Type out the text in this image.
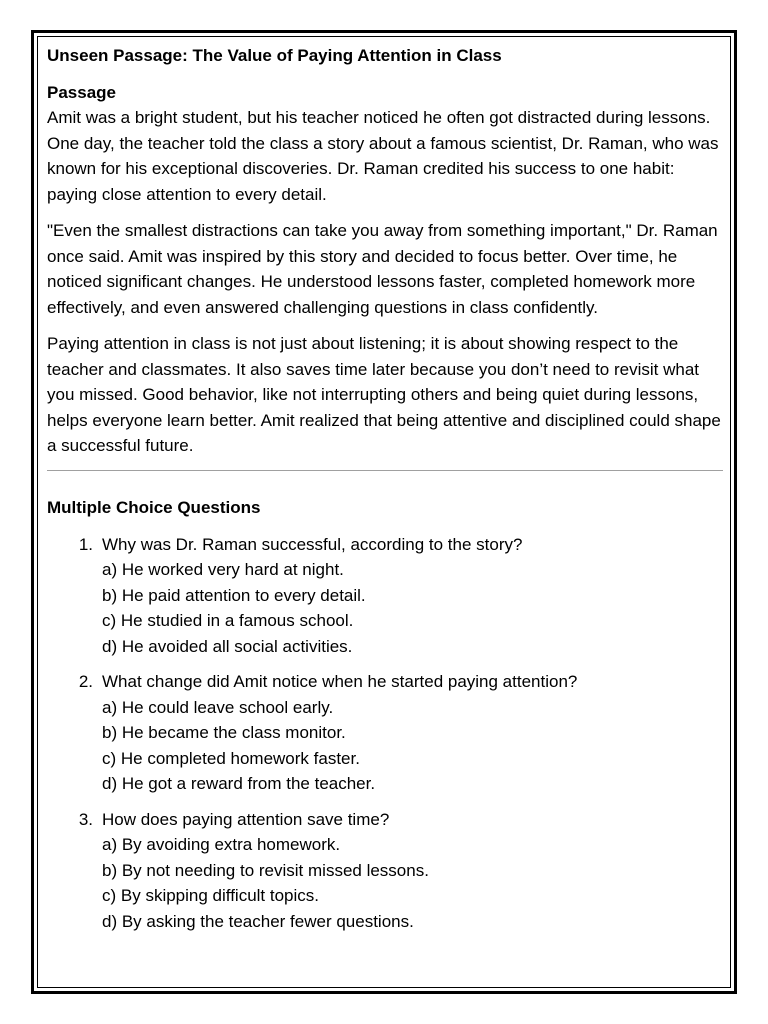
Unseen Passage: The Value of Paying Attention in Class
Passage

Amit was a bright student, but his teacher noticed he often got distracted during lessons. One day, the teacher told the class a story about a famous scientist, Dr. Raman, who was known for his exceptional discoveries. Dr. Raman credited his success to one habit: paying close attention to every detail.

"Even the smallest distractions can take you away from something important," Dr. Raman once said. Amit was inspired by this story and decided to focus better. Over time, he noticed significant changes. He understood lessons faster, completed homework more effectively, and even answered challenging questions in class confidently.

Paying attention in class is not just about listening; it is about showing respect to the teacher and classmates. It also saves time later because you don’t need to revisit what you missed. Good behavior, like not interrupting others and being quiet during lessons, helps everyone learn better. Amit realized that being attentive and disciplined could shape a successful future.

Multiple Choice Questions
1. Why was Dr. Raman successful, according to the story?
a) He worked very hard at night.
b) He paid attention to every detail.
c) He studied in a famous school.
d) He avoided all social activities.
2. What change did Amit notice when he started paying attention?
a) He could leave school early.
b) He became the class monitor.
c) He completed homework faster.
d) He got a reward from the teacher.
3. How does paying attention save time?
a) By avoiding extra homework.
b) By not needing to revisit missed lessons.
c) By skipping difficult topics.
d) By asking the teacher fewer questions.
